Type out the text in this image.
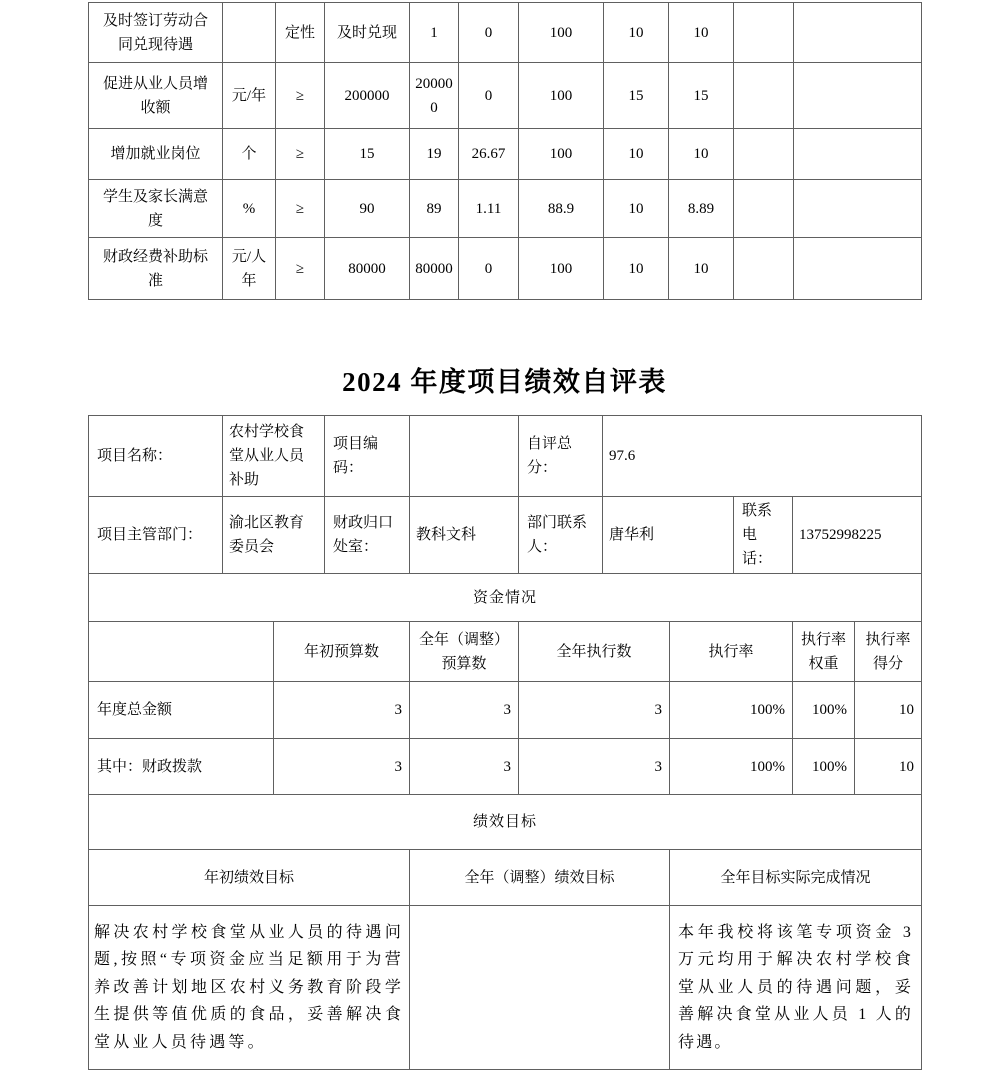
及时签订劳动合同兑现待遇		定性	及时兑现	1	0	100	10	10		
促进从业人员增收额	元/年	≥	200000	200000	0	100	15	15		
增加就业岗位	个	≥	15	19	26.67	100	10	10		
学生及家长满意度	%	≥	90	89	1.11	88.9	10	8.89		
财政经费补助标准	元/人年	≥	80000	80000	0	100	10	10		
2024 年度项目绩效自评表
项目名称：	农村学校食堂从业人员补助		项目编码：		自评总分：	97.6				
项目主管部门：	渝北区教育委员会		财政归口处室：	教科文科	部门联系人：	唐华利		联系电话：	13752998225	
资金情况										
		年初预算数		全年（调整）预算数	全年执行数		执行率		执行率权重	执行率得分
年度总金额		3		3	3		100%		100%	10
其中：财政拨款		3		3	3		100%		100%	10
绩效目标										
年初绩效目标				全年（调整）绩效目标			全年目标实际完成情况			
解决农村学校食堂从业人员的待遇问题,按照“专项资金应当足额用于为营养改善计划地区农村义务教育阶段学生提供等值优质的食品，妥善解决食堂从业人员待遇等。							本年我校将该笔专项资金 3 万元均用于解决农村学校食堂从业人员的待遇问题，妥善解决食堂从业人员 1 人的待遇。			
